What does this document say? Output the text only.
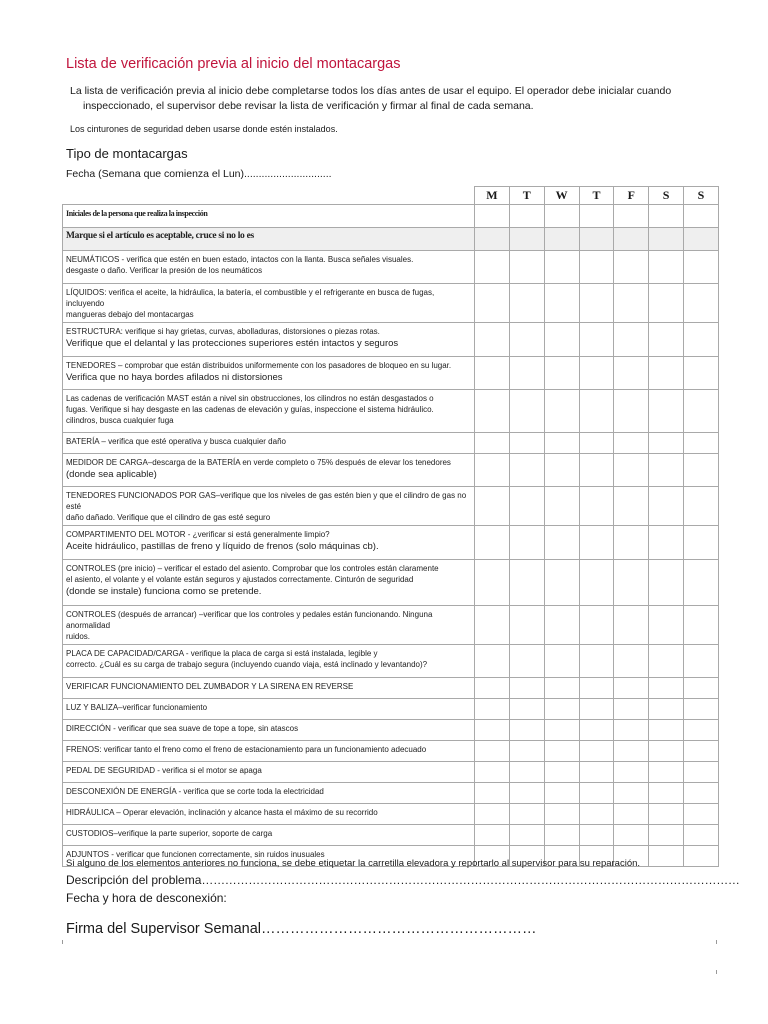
Lista de verificación previa al inicio del montacargas
La lista de verificación previa al inicio debe completarse todos los días antes de usar el equipo. El operador debe inicialar cuando
inspeccionado, el supervisor debe revisar la lista de verificación y firmar al final de cada semana.
Los cinturones de seguridad deben usarse donde estén instalados.
Tipo de montacargas
Fecha (Semana que comienza el Lun)..............................
	M	T	W	T	F	S	S

Iniciales de la persona que realiza la inspección							

Marque si el artículo es aceptable, cruce si no lo es							

NEUMÁTICOS - verifica que estén en buen estado, intactos con la llanta. Busca señales visuales.
desgaste o daño. Verificar la presión de los neumáticos							

LÍQUIDOS: verifica el aceite, la hidráulica, la batería, el combustible y el refrigerante en busca de fugas, incluyendo
mangueras debajo del montacargas							

ESTRUCTURA: verifique si hay grietas, curvas, abolladuras, distorsiones o piezas rotas.
Verifique que el delantal y las protecciones superiores estén intactos y seguros							

TENEDORES – comprobar que están distribuidos uniformemente con los pasadores de bloqueo en su lugar.
Verifica que no haya bordes afilados ni distorsiones							

Las cadenas de verificación MAST están a nivel sin obstrucciones, los cilindros no están desgastados o
fugas. Verifique si hay desgaste en las cadenas de elevación y guías, inspeccione el sistema hidráulico.
cilindros, busca cualquier fuga							

BATERÍA – verifica que esté operativa y busca cualquier daño							

MEDIDOR DE CARGA–descarga de la BATERÍA en verde completo o 75% después de elevar los tenedores
(donde sea aplicable)							

TENEDORES FUNCIONADOS POR GAS–verifique que los niveles de gas estén bien y que el cilindro de gas no esté
daño dañado. Verifique que el cilindro de gas esté seguro							

COMPARTIMENTO DEL MOTOR - ¿verificar si está generalmente limpio?
Aceite hidráulico, pastillas de freno y líquido de frenos (solo máquinas cb).							

CONTROLES (pre inicio) – verificar el estado del asiento. Comprobar que los controles están claramente
el asiento, el volante y el volante están seguros y ajustados correctamente. Cinturón de seguridad
(donde se instale) funciona como se pretende.							

CONTROLES (después de arrancar) –verificar que los controles y pedales están funcionando. Ninguna anormalidad
ruidos.							

PLACA DE CAPACIDAD/CARGA - verifique la placa de carga si está instalada, legible y
correcto. ¿Cuál es su carga de trabajo segura (incluyendo cuando viaja, está inclinado y levantando)?							

VERIFICAR FUNCIONAMIENTO DEL ZUMBADOR Y LA SIRENA EN REVERSE							

LUZ Y BALIZA–verificar funcionamiento							

DIRECCIÓN - verificar que sea suave de tope a tope, sin atascos							

FRENOS: verificar tanto el freno como el freno de estacionamiento para un funcionamiento adecuado							

PEDAL DE SEGURIDAD - verifica si el motor se apaga							

DESCONEXIÓN DE ENERGÍA - verifica que se corte toda la electricidad							

HIDRÁULICA – Operar elevación, inclinación y alcance hasta el máximo de su recorrido							

CUSTODIOS–verifique la parte superior, soporte de carga							

ADJUNTOS - verificar que funcionen correctamente, sin ruidos inusuales							

Si alguno de los elementos anteriores no funciona, se debe etiquetar la carretilla elevadora y reportarlo al supervisor para su reparación.
Descripción del problema…………………………………………………………………………………………………………………………
Fecha y hora de desconexión:
Firma del Supervisor Semanal…………………………………………………
